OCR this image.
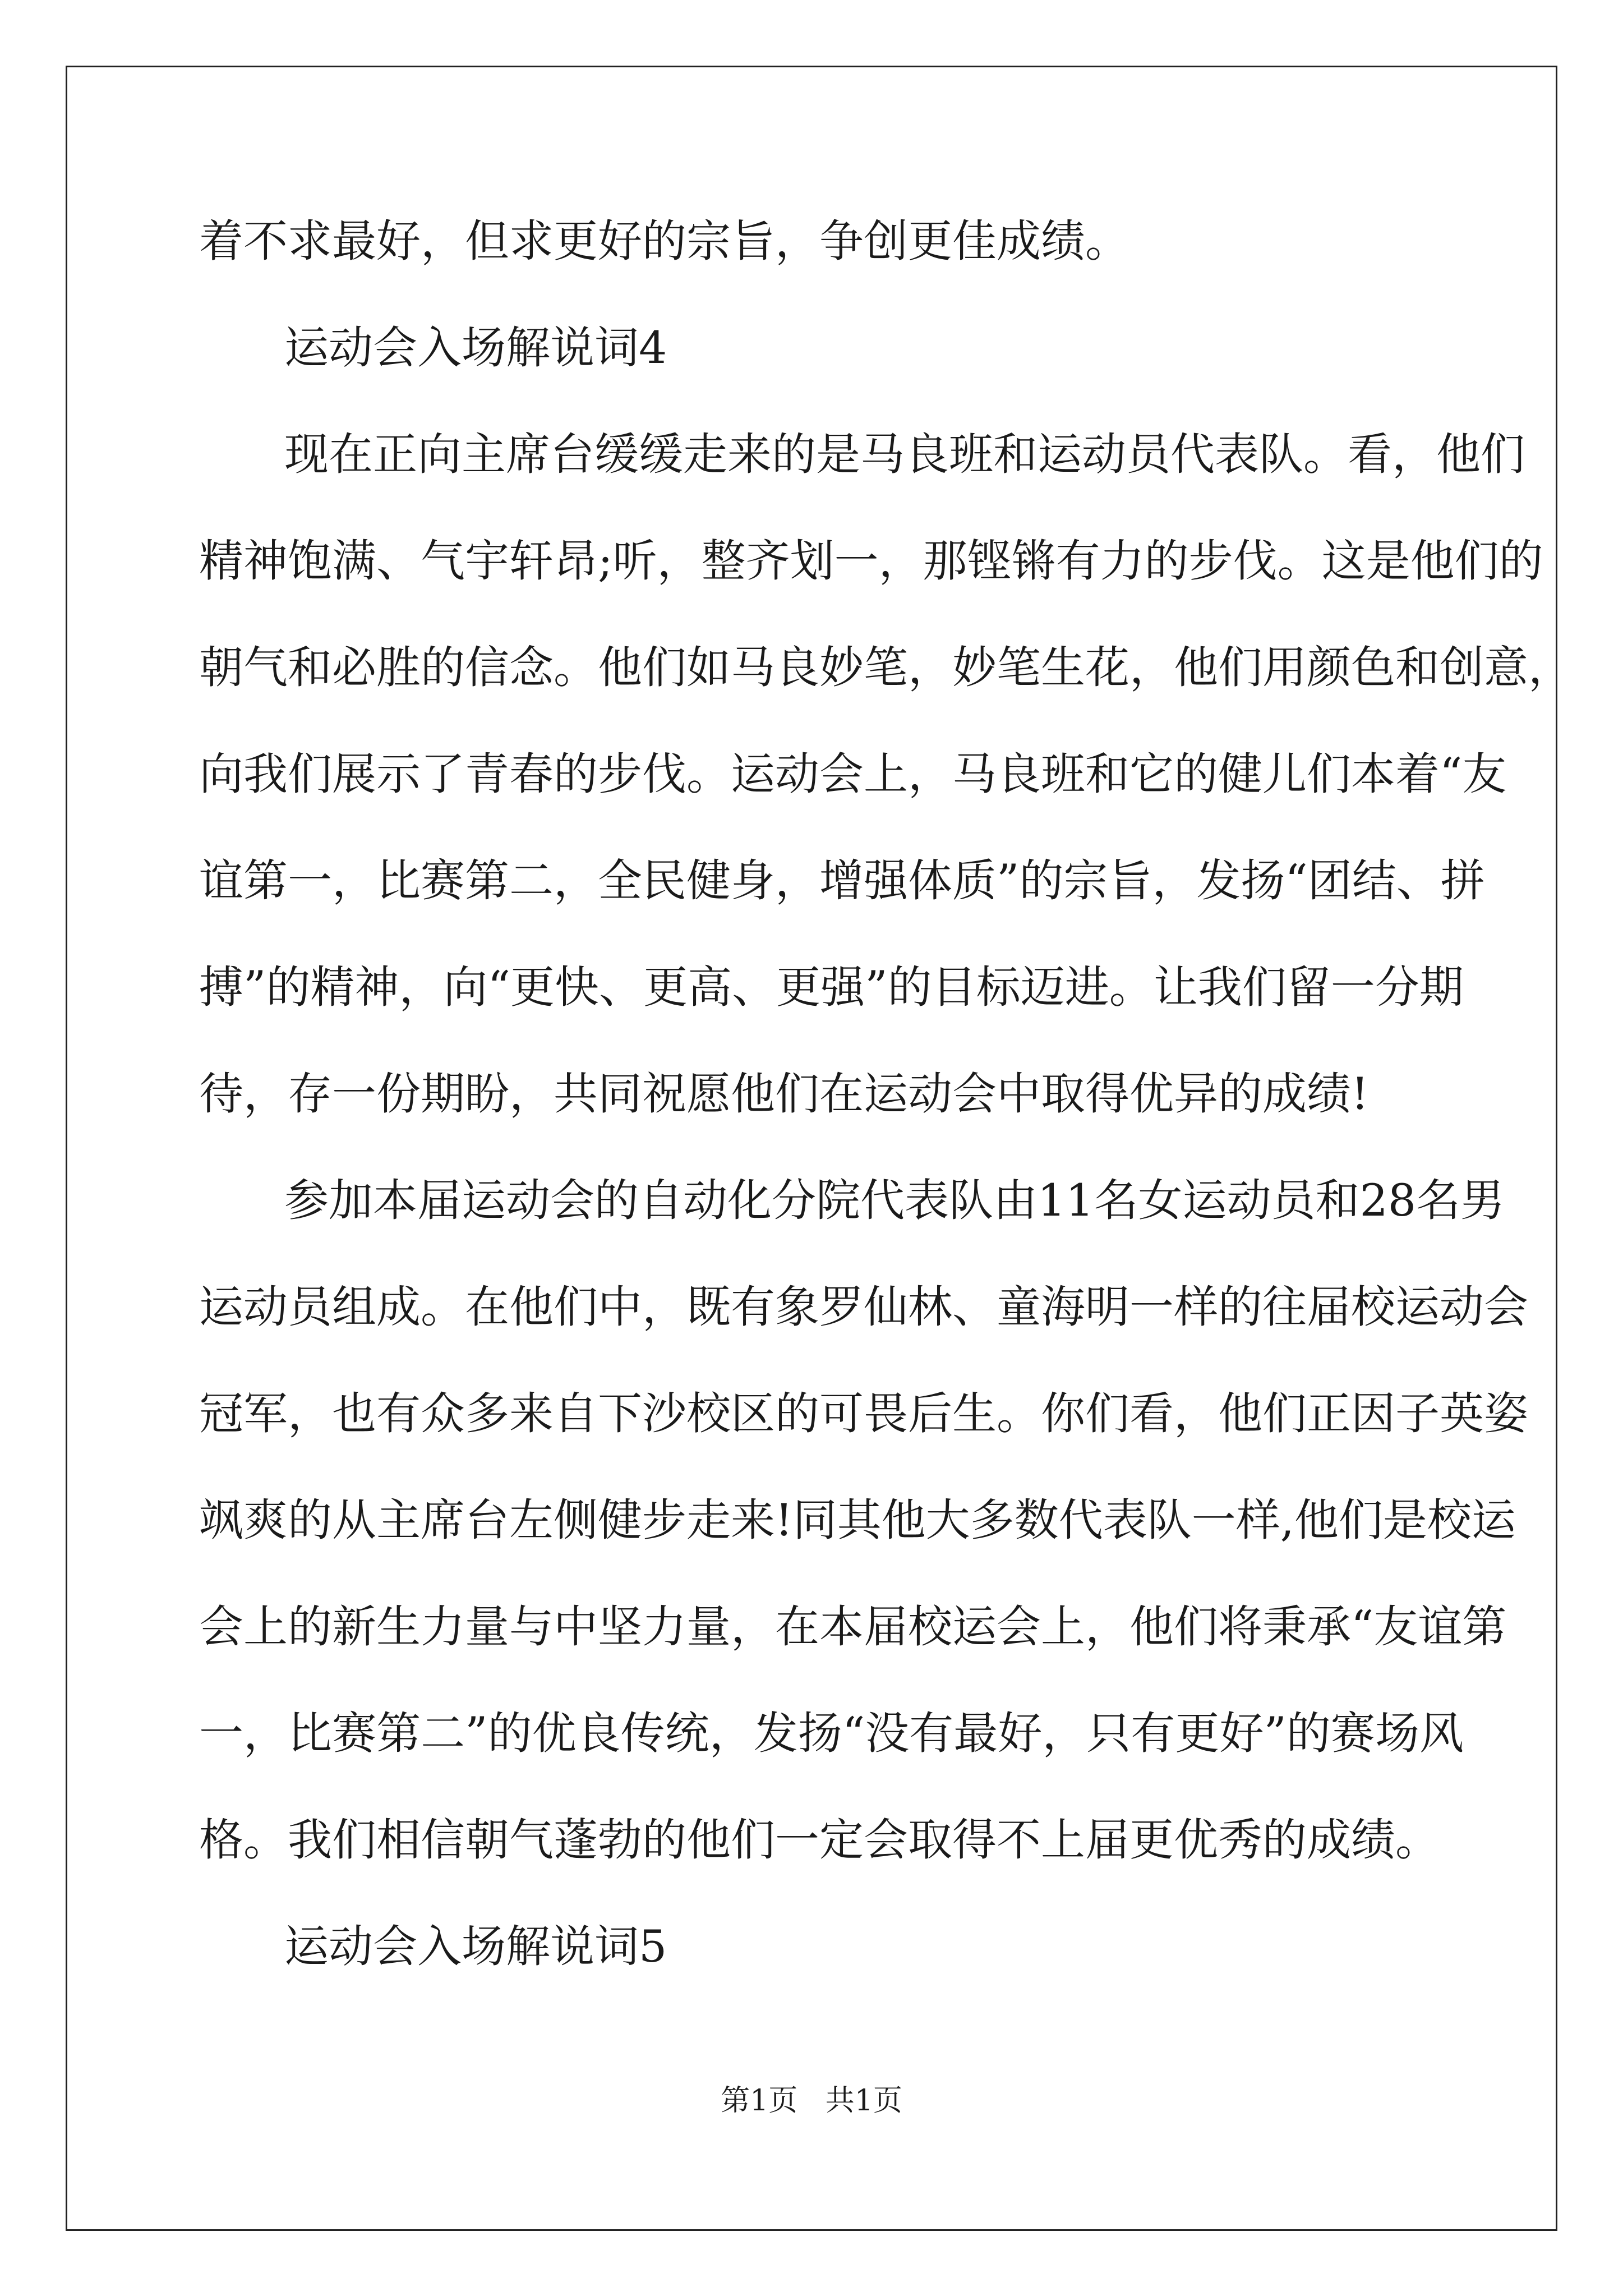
着不求最好，但求更好的宗旨，争创更佳成绩。
运动会入场解说词4
现在正向主席台缓缓走来的是马良班和运动员代表队。看，他们
精神饱满、气宇轩昂;听，整齐划一，那铿锵有力的步伐。这是他们的
朝气和必胜的信念。他们如马良妙笔，妙笔生花，他们用颜色和创意，
向我们展示了青春的步伐。运动会上，马良班和它的健儿们本着“友
谊第一，比赛第二，全民健身，增强体质”的宗旨，发扬“团结、拼
搏”的精神，向“更快、更高、更强”的目标迈进。让我们留一分期
待，存一份期盼，共同祝愿他们在运动会中取得优异的成绩!
参加本届运动会的自动化分院代表队由11名女运动员和28名男
运动员组成。在他们中，既有象罗仙林、童海明一样的往届校运动会
冠军，也有众多来自下沙校区的可畏后生。你们看，他们正因子英姿
飒爽的从主席台左侧健步走来!同其他大多数代表队一样,他们是校运
会上的新生力量与中坚力量，在本届校运会上，他们将秉承“友谊第
一，比赛第二”的优良传统，发扬“没有最好，只有更好”的赛场风
格。我们相信朝气蓬勃的他们一定会取得不上届更优秀的成绩。
运动会入场解说词5
第1页   共1页
